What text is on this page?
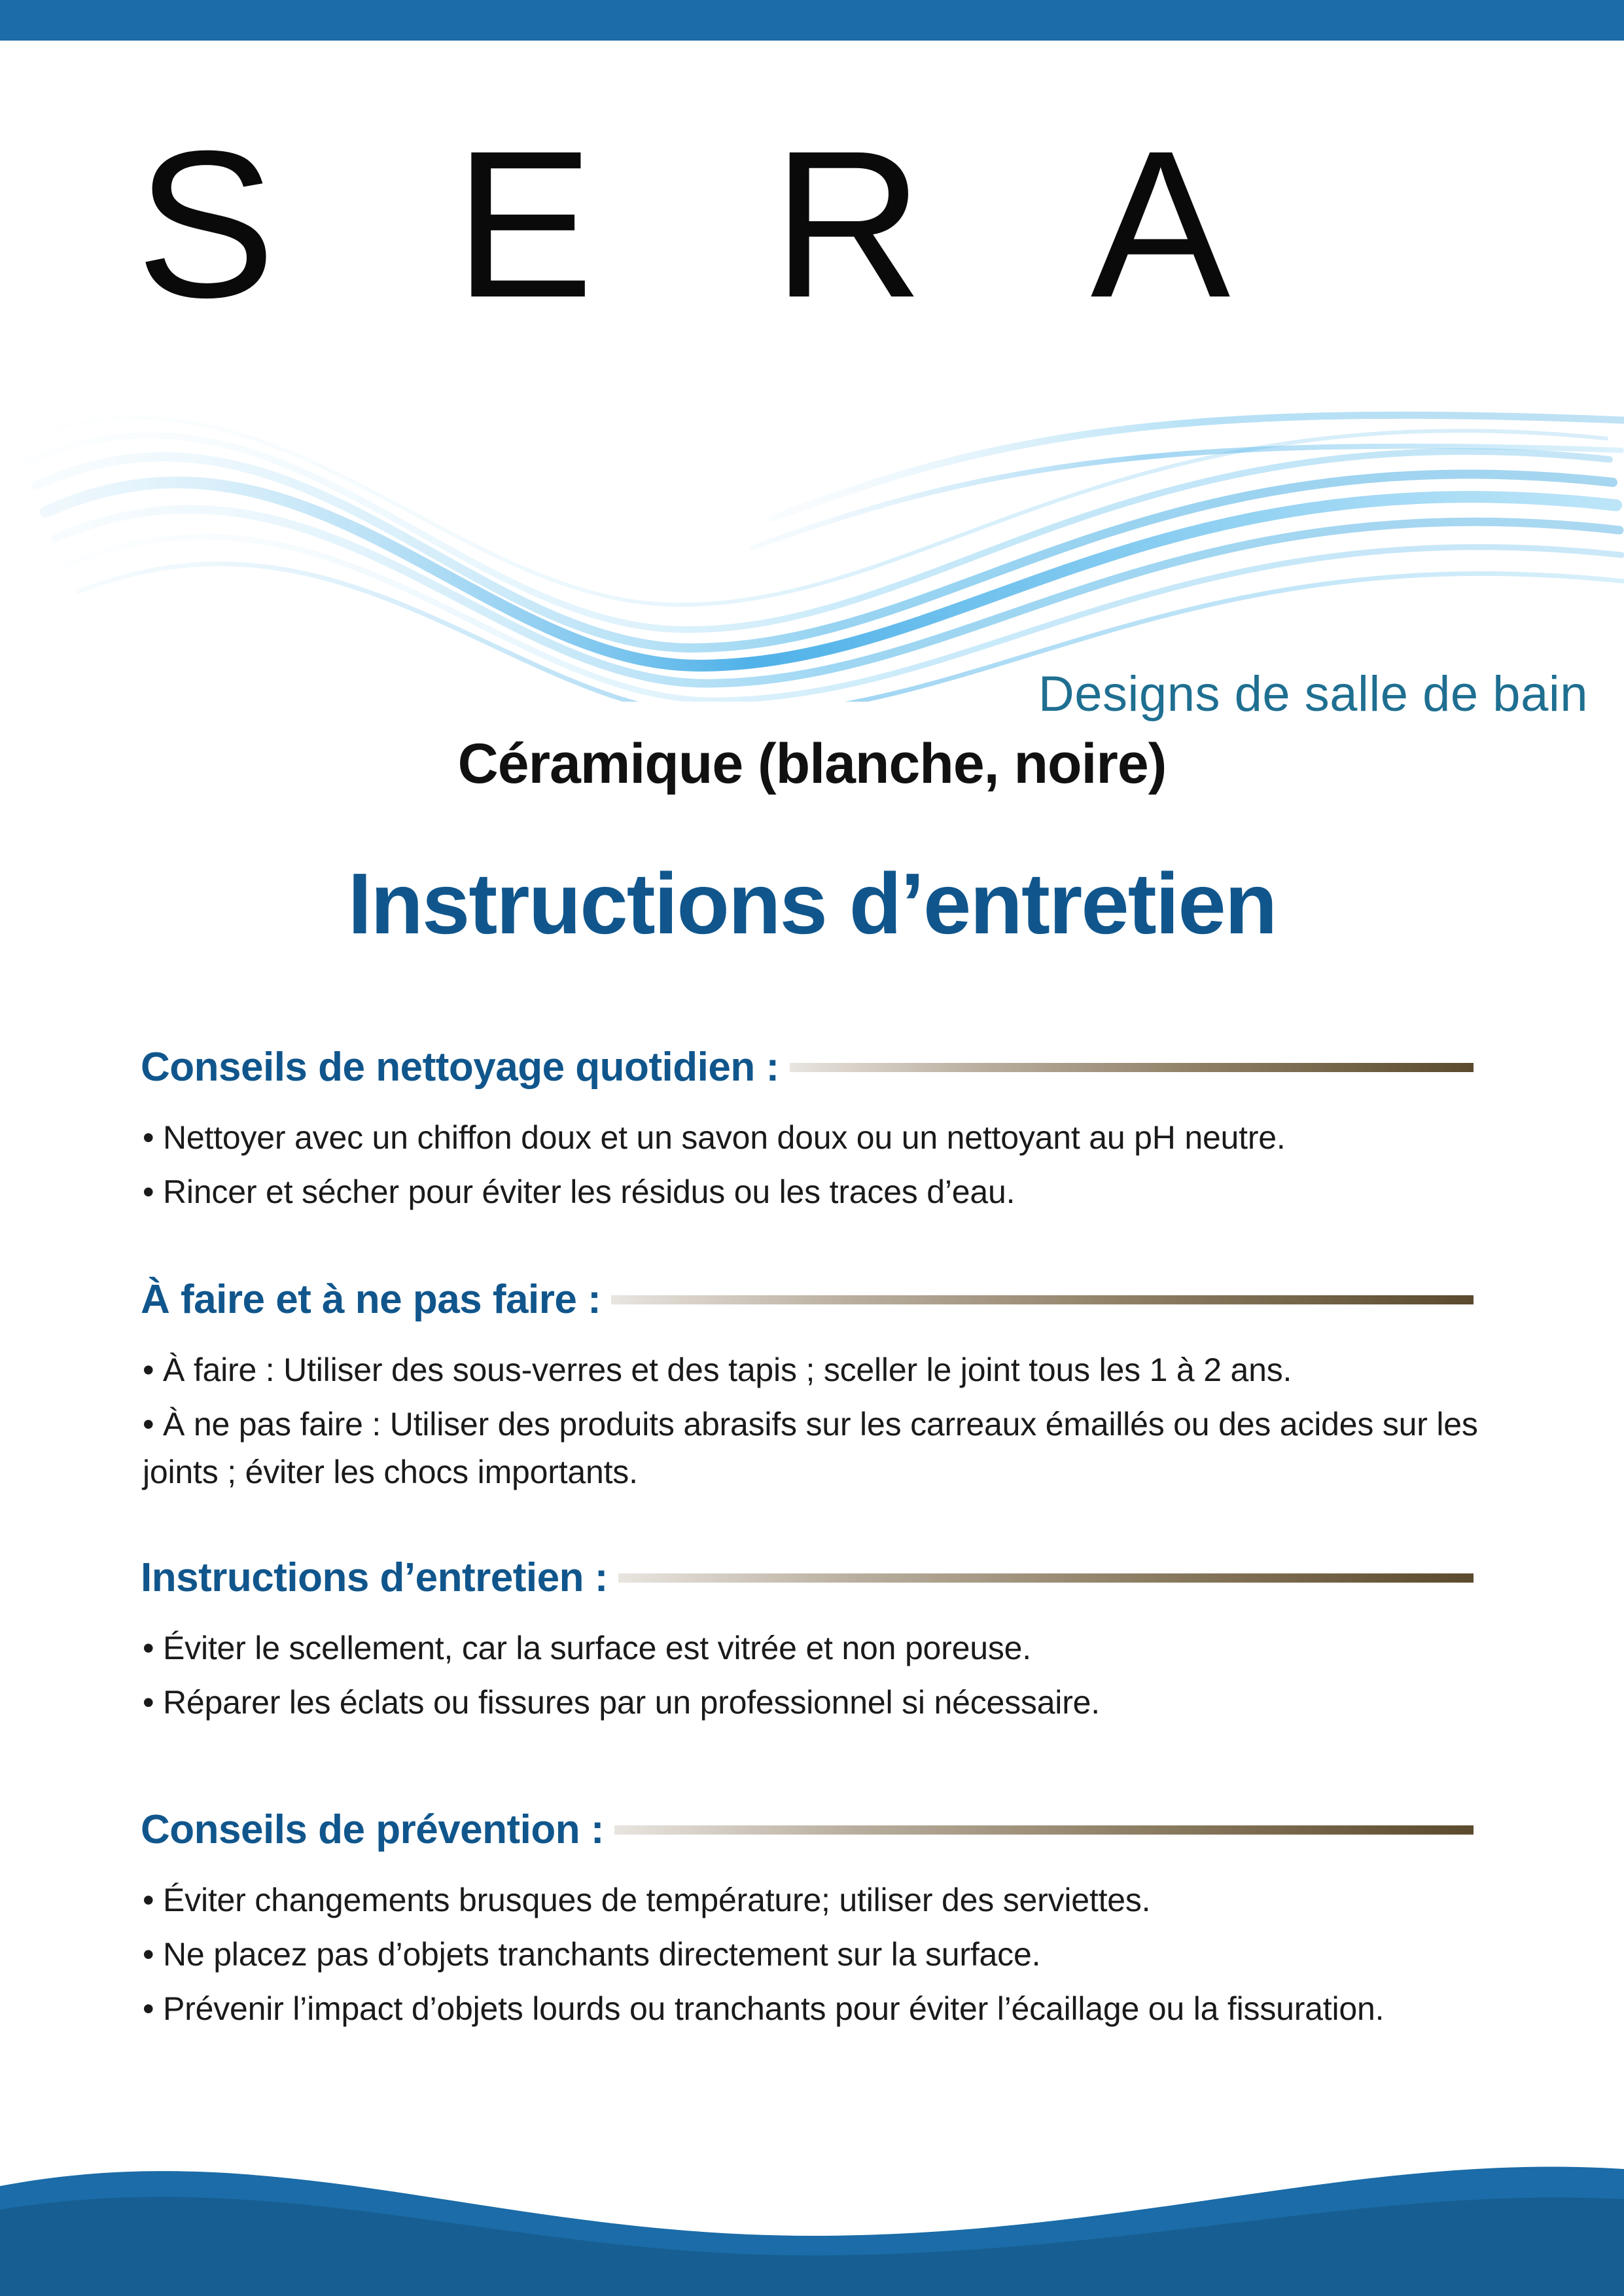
S E R A
Designs de salle de bain
Céramique (blanche, noire)
Instructions d’entretien
Conseils de nettoyage quotidien :
• Nettoyer avec un chiffon doux et un savon doux ou un nettoyant au pH neutre.
• Rincer et sécher pour éviter les résidus ou les traces d’eau.
À faire et à ne pas faire :
• À faire : Utiliser des sous-verres et des tapis ; sceller le joint tous les 1 à 2 ans.
• À ne pas faire : Utiliser des produits abrasifs sur les carreaux émaillés ou des acides sur les joints ; éviter les chocs importants.
Instructions d’entretien :
• Éviter le scellement, car la surface est vitrée et non poreuse.
• Réparer les éclats ou fissures par un professionnel si nécessaire.
Conseils de prévention :
• Éviter changements brusques de température; utiliser des serviettes.
• Ne placez pas d’objets tranchants directement sur la surface.
• Prévenir l’impact d’objets lourds ou tranchants pour éviter l’écaillage ou la fissuration.
